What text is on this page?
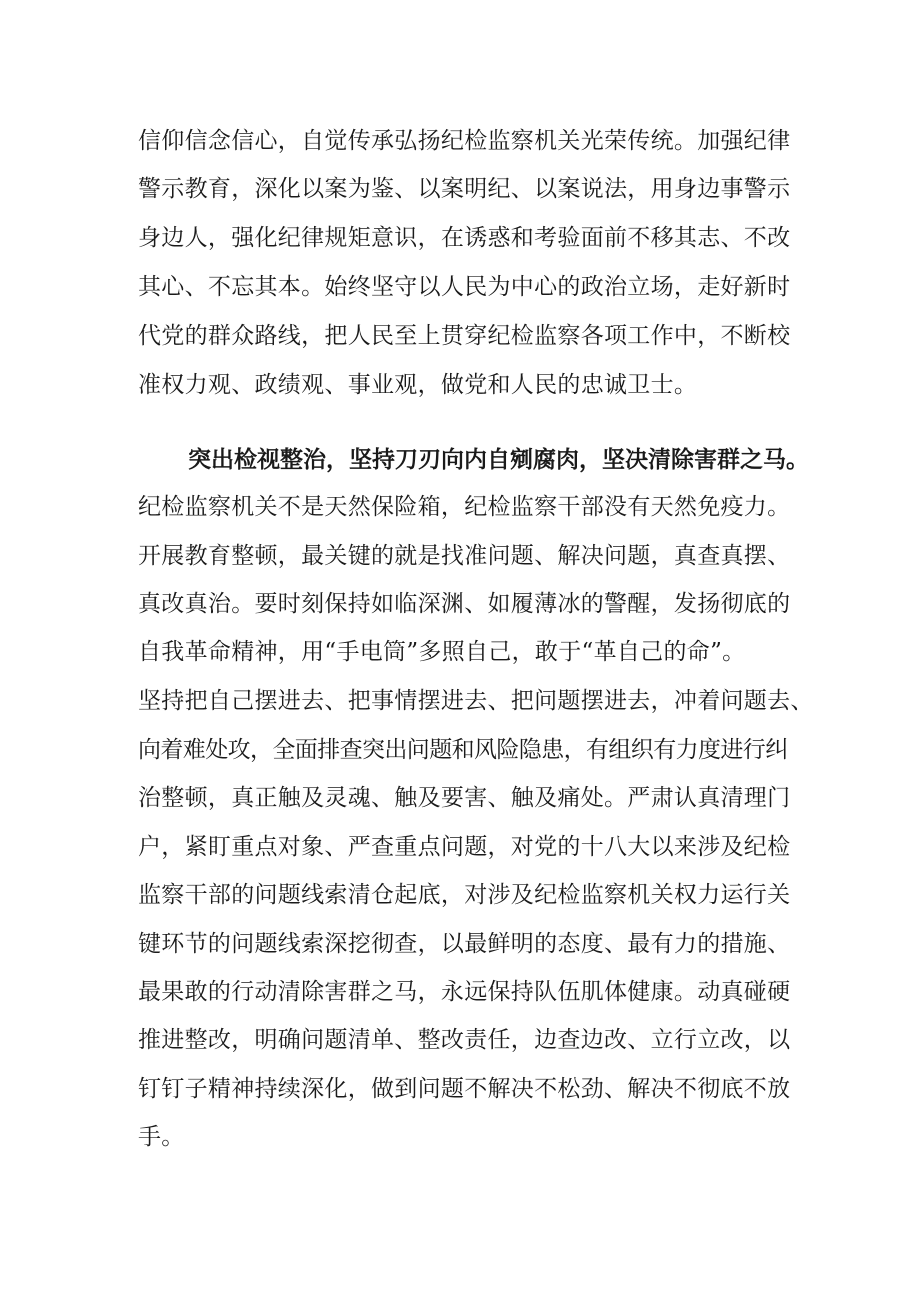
信仰信念信心，自觉传承弘扬纪检监察机关光荣传统。加强纪律
警示教育，深化以案为鉴、以案明纪、以案说法，用身边事警示
身边人，强化纪律规矩意识，在诱惑和考验面前不移其志、不改
其心、不忘其本。始终坚守以人民为中心的政治立场，走好新时
代党的群众路线，把人民至上贯穿纪检监察各项工作中，不断校
准权力观、政绩观、事业观，做党和人民的忠诚卫士。
突出检视整治，坚持刀刃向内自剜腐肉，坚决清除害群之马。
纪检监察机关不是天然保险箱，纪检监察干部没有天然免疫力。
开展教育整顿，最关键的就是找准问题、解决问题，真查真摆、
真改真治。要时刻保持如临深渊、如履薄冰的警醒，发扬彻底的
自我革命精神，用“手电筒”多照自己，敢于“革自己的命”。
坚持把自己摆进去、把事情摆进去、把问题摆进去，冲着问题去、
向着难处攻，全面排查突出问题和风险隐患，有组织有力度进行纠
治整顿，真正触及灵魂、触及要害、触及痛处。严肃认真清理门
户，紧盯重点对象、严查重点问题，对党的十八大以来涉及纪检
监察干部的问题线索清仓起底，对涉及纪检监察机关权力运行关
键环节的问题线索深挖彻查，以最鲜明的态度、最有力的措施、
最果敢的行动清除害群之马，永远保持队伍肌体健康。动真碰硬
推进整改，明确问题清单、整改责任，边查边改、立行立改，以
钉钉子精神持续深化，做到问题不解决不松劲、解决不彻底不放
手。
